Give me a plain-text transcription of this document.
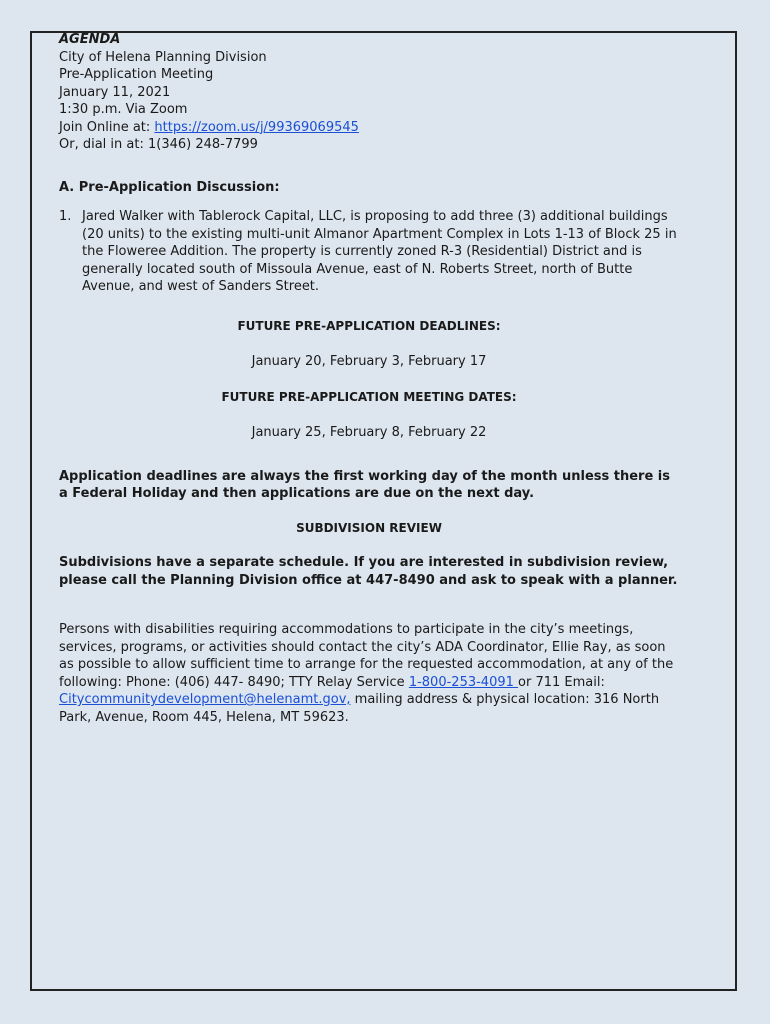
AGENDA
City of Helena Planning Division
Pre-Application Meeting
January 11, 2021
1:30 p.m. Via Zoom
Join Online at: https://zoom.us/j/99369069545
Or, dial in at: 1(346) 248-7799
A. Pre-Application Discussion:
1. Jared Walker with Tablerock Capital, LLC, is proposing to add three (3) additional buildings (20 units) to the existing multi-unit Almanor Apartment Complex in Lots 1-13 of Block 25 in the Floweree Addition. The property is currently zoned R-3 (Residential) District and is generally located south of Missoula Avenue, east of N. Roberts Street, north of Butte Avenue, and west of Sanders Street.
FUTURE PRE-APPLICATION DEADLINES:
January 20, February 3, February 17
FUTURE PRE-APPLICATION MEETING DATES:
January 25, February 8, February 22
Application deadlines are always the first working day of the month unless there is a Federal Holiday and then applications are due on the next day.
SUBDIVISION REVIEW
Subdivisions have a separate schedule. If you are interested in subdivision review, please call the Planning Division office at 447-8490 and ask to speak with a planner.
Persons with disabilities requiring accommodations to participate in the city’s meetings, services, programs, or activities should contact the city’s ADA Coordinator, Ellie Ray, as soon as possible to allow sufficient time to arrange for the requested accommodation, at any of the following: Phone: (406) 447- 8490; TTY Relay Service 1-800-253-4091 or 711 Email: Citycommunitydevelopment@helenamt.gov, mailing address & physical location: 316 North Park, Avenue, Room 445, Helena, MT 59623.
